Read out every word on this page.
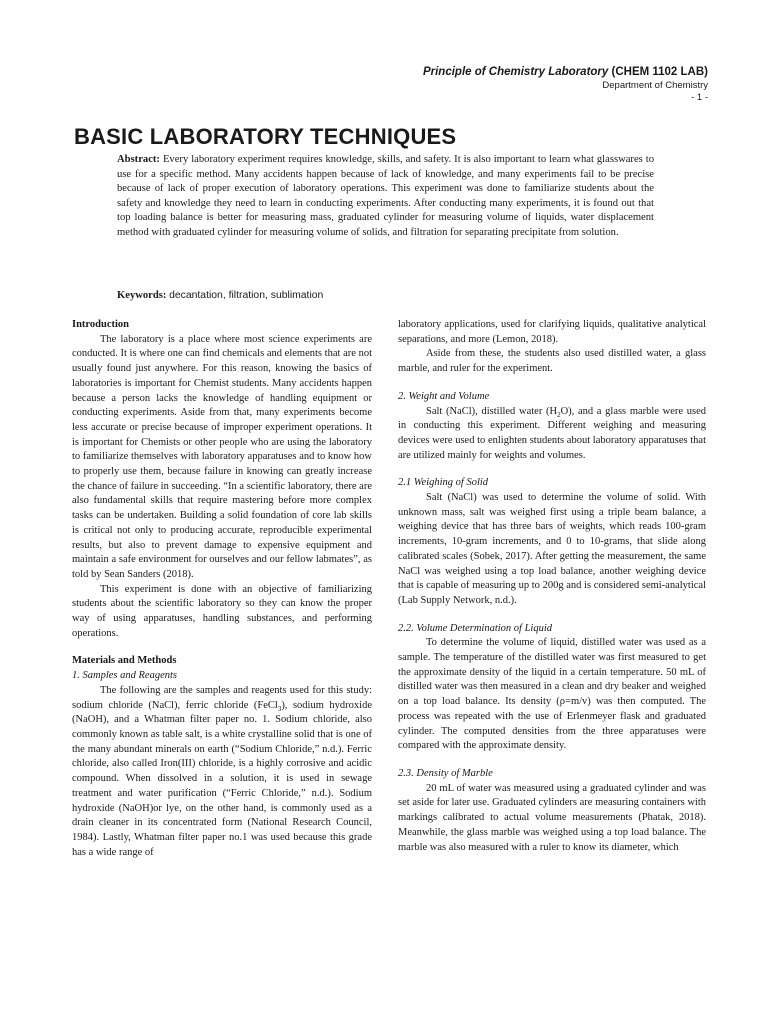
Principle of Chemistry Laboratory (CHEM 1102 LAB)
Department of Chemistry
- 1 -
BASIC LABORATORY TECHNIQUES
Abstract: Every laboratory experiment requires knowledge, skills, and safety. It is also important to learn what glasswares to use for a specific method. Many accidents happen because of lack of knowledge, and many experiments fail to be precise because of lack of proper execution of laboratory operations. This experiment was done to familiarize students about the safety and knowledge they need to learn in conducting experiments. After conducting many experiments, it is found out that top loading balance is better for measuring mass, graduated cylinder for measuring volume of liquids, water displacement method with graduated cylinder for measuring volume of solids, and filtration for separating precipitate from solution.
Keywords: decantation, filtration, sublimation
Introduction

The laboratory is a place where most science experiments are conducted. It is where one can find chemicals and elements that are not usually found just anywhere. For this reason, knowing the basics of laboratories is important for Chemist students. Many accidents happen because a person lacks the knowledge of handling equipment or conducting experiments. Aside from that, many experiments become less accurate or precise because of improper experiment operations. It is important for Chemists or other people who are using the laboratory to familiarize themselves with laboratory apparatuses and to know how to properly use them, because failure in knowing can greatly increase the chance of failure in succeeding. “In a scientific laboratory, there are also fundamental skills that require mastering before more complex tasks can be undertaken. Building a solid foundation of core lab skills is critical not only to producing accurate, reproducible experimental results, but also to prevent damage to expensive equipment and maintain a safe environment for ourselves and our fellow labmates”, as told by Sean Sanders (2018).

This experiment is done with an objective of familiarizing students about the scientific laboratory so they can know the proper way of using apparatuses, handling substances, and performing operations.

Materials and Methods
1. Samples and Reagents

The following are the samples and reagents used for this study: sodium chloride (NaCl), ferric chloride (FeCl$_3$), sodium hydroxide (NaOH), and a Whatman filter paper no. 1. Sodium chloride, also commonly known as table salt, is a white crystalline solid that is one of the many abundant minerals on earth (“Sodium Chloride,” n.d.). Ferric chloride, also called Iron(III) chloride, is a highly corrosive and acidic compound. When dissolved in a solution, it is used in sewage treatment and water purification (“Ferric Chloride,” n.d.). Sodium hydroxide (NaOH)or lye, on the other hand, is commonly used as a drain cleaner in its concentrated form (National Research Council, 1984). Lastly, Whatman filter paper no.1 was used because this grade has a wide range of

laboratory applications, used for clarifying liquids, qualitative analytical separations, and more (Lemon, 2018).

Aside from these, the students also used distilled water, a glass marble, and ruler for the experiment.

2. Weight and Volume

Salt (NaCl), distilled water $(H_2O)$, and a glass marble were used in conducting this experiment. Different weighing and measuring devices were used to enlighten students about laboratory apparatuses that are utilized mainly for weights and volumes.

2.1 Weighing of Solid

Salt (NaCl) was used to determine the volume of solid. With unknown mass, salt was weighed first using a triple beam balance, a weighing device that has three bars of weights, which reads 100-gram increments, 10-gram increments, and 0 to 10-grams, that slide along calibrated scales (Sobek, 2017). After getting the measurement, the same NaCl was weighed using a top load balance, another weighing device that is capable of measuring up to 200g and is considered semi-analytical (Lab Supply Network, n.d.).

2.2. Volume Determination of Liquid

To determine the volume of liquid, distilled water was used as a sample. The temperature of the distilled water was first measured to get the approximate density of the liquid in a certain temperature. 50 mL of distilled water was then measured in a clean and dry beaker and weighed on a top load balance. Its density (ρ=m/v) was then computed. The process was repeated with the use of Erlenmeyer flask and graduated cylinder. The computed densities from the three apparatuses were compared with the approximate density.

2.3. Density of Marble

20 mL of water was measured using a graduated cylinder and was set aside for later use. Graduated cylinders are measuring containers with markings calibrated to actual volume measurements (Phatak, 2018). Meanwhile, the glass marble was weighed using a top load balance. The marble was also measured with a ruler to know its diameter, which
